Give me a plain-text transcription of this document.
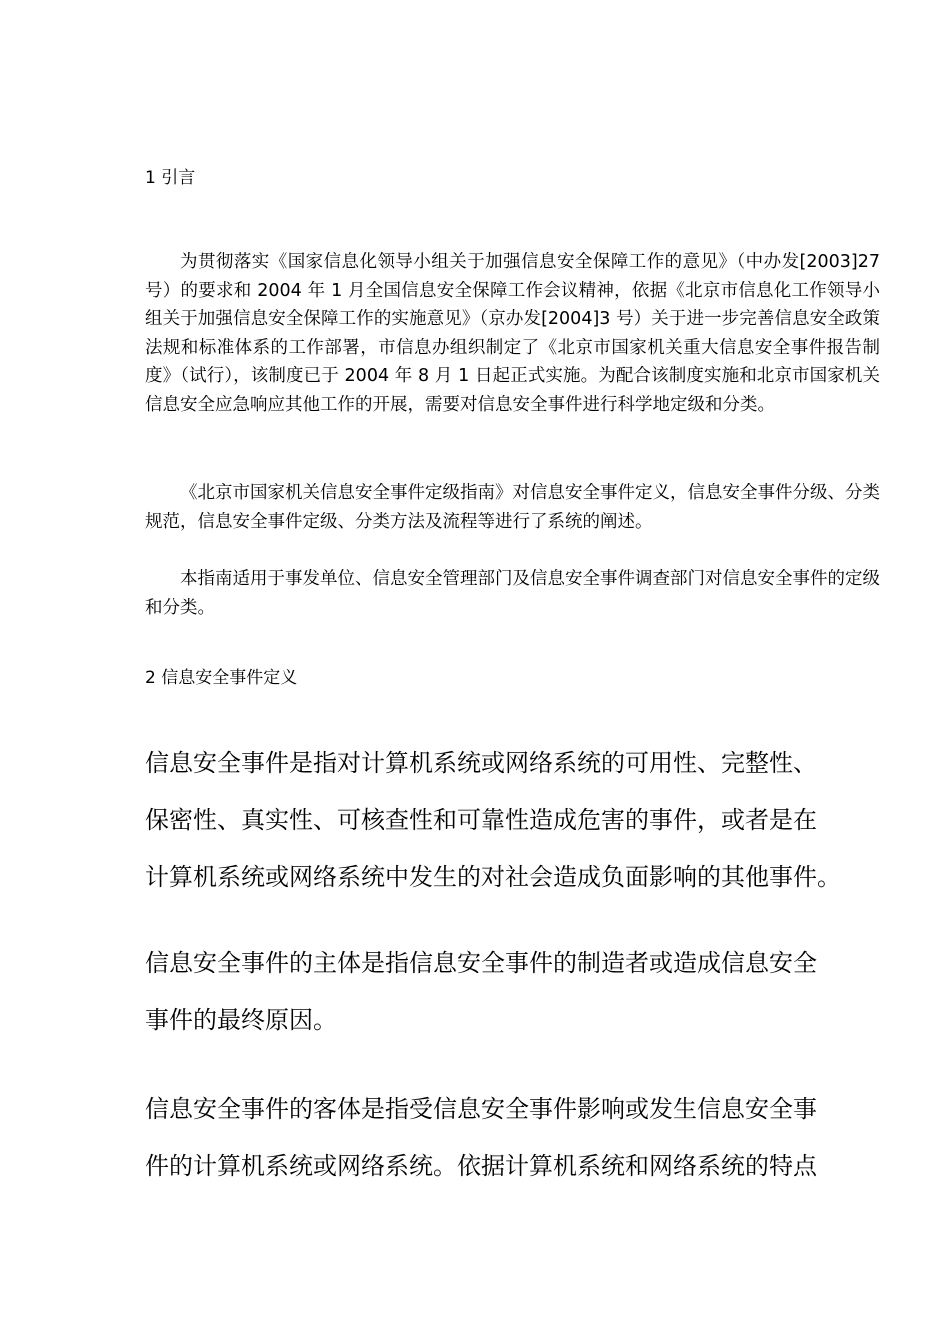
1 引言

为贯彻落实《国家信息化领导小组关于加强信息安全保障工作的意见》（中办发[2003]27 号）的要求和 2004 年 1 月全国信息安全保障工作会议精神，依据《北京市信息化工作领导小组关于加强信息安全保障工作的实施意见》（京办发[2004]3 号）关于进一步完善信息安全政策法规和标准体系的工作部署，市信息办组织制定了《北京市国家机关重大信息安全事件报告制度》（试行），该制度已于 2004 年 8 月 1 日起正式实施。为配合该制度实施和北京市国家机关信息安全应急响应其他工作的开展，需要对信息安全事件进行科学地定级和分类。

《北京市国家机关信息安全事件定级指南》对信息安全事件定义，信息安全事件分级、分类规范，信息安全事件定级、分类方法及流程等进行了系统的阐述。

本指南适用于事发单位、信息安全管理部门及信息安全事件调查部门对信息安全事件的定级和分类。

2 信息安全事件定义
信息安全事件是指对计算机系统或网络系统的可用性、完整性、
保密性、真实性、可核查性和可靠性造成危害的事件，或者是在
计算机系统或网络系统中发生的对社会造成负面影响的其他事件。
信息安全事件的主体是指信息安全事件的制造者或造成信息安全
事件的最终原因。
信息安全事件的客体是指受信息安全事件影响或发生信息安全事
件的计算机系统或网络系统。依据计算机系统和网络系统的特点
